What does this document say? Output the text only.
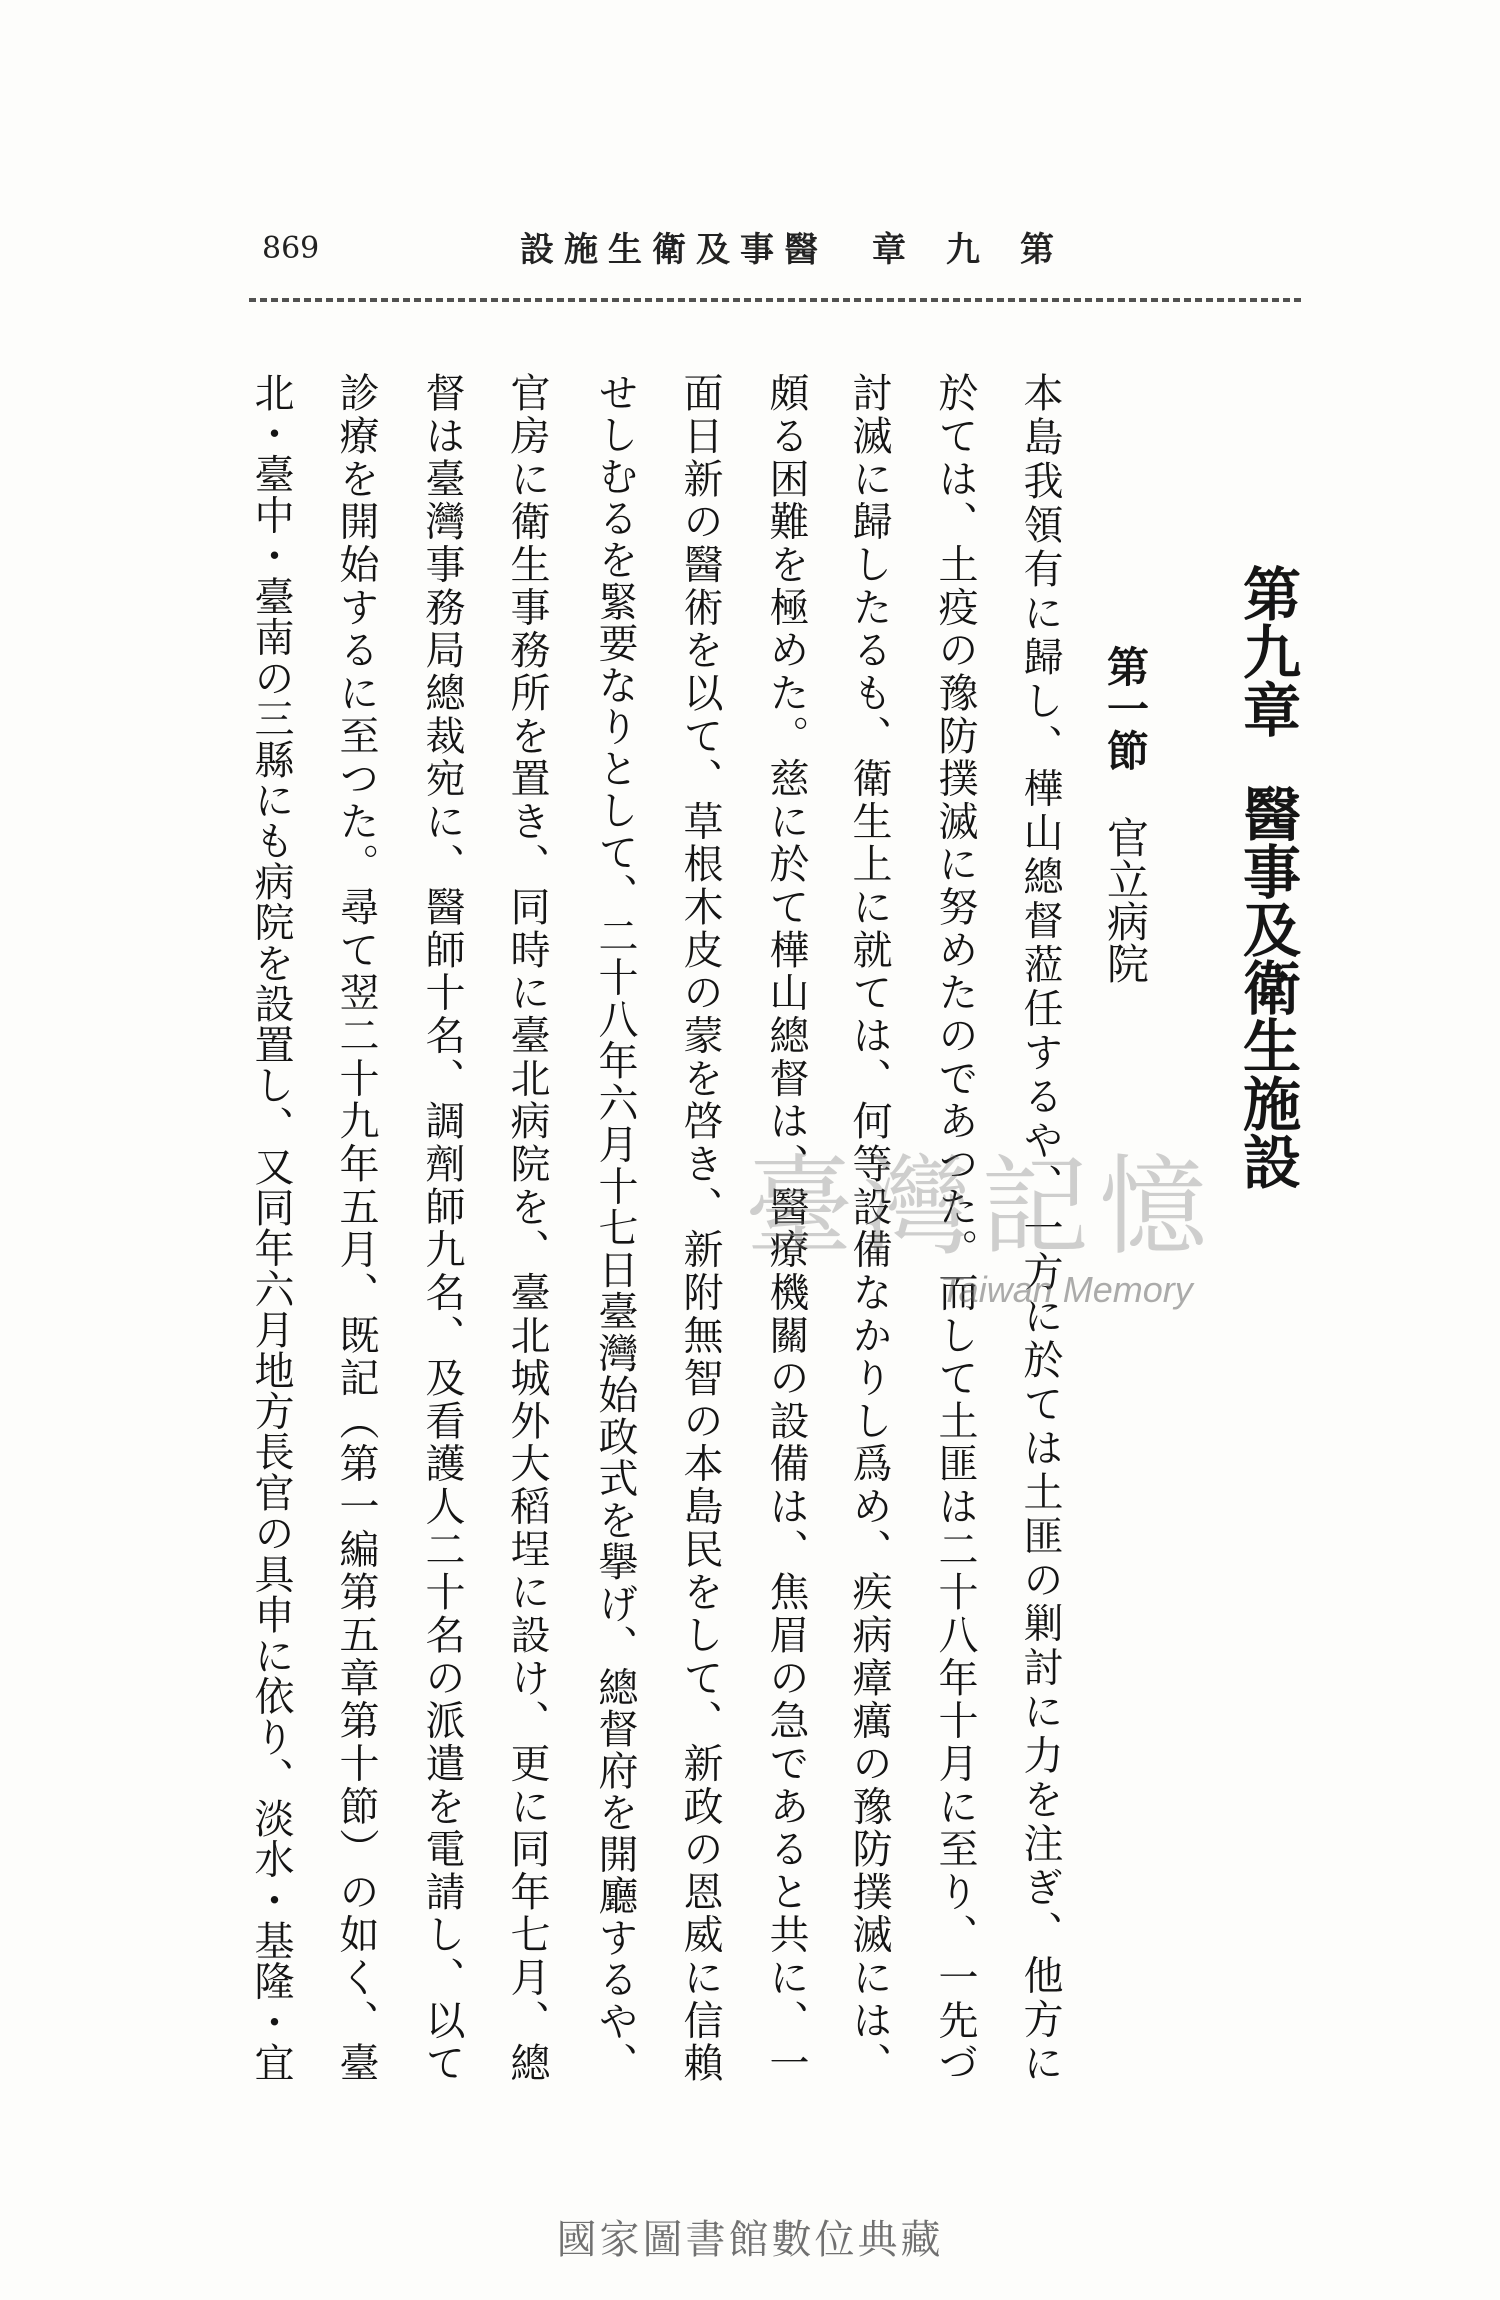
869	醫事及衛生施設 第九章
第九章
醫事及衛生施設
第一節
官立病院
本島我領有に歸し、樺山總督蒞任するや、一方に於ては土匪の剿討に力を注ぎ、他方に
於ては、土疫の豫防撲滅に努めたのであつた。而して土匪は二十八年十月に至り、一先づ
討滅に歸したるも、衛生上に就ては、何等設備なかりし爲め、疾病瘴癘の豫防撲滅には、
頗る困難を極めた。慈に於て樺山總督は、醫療機關の設備は、焦眉の急であると共に、一
面日新の醫術を以て、草根木皮の蒙を啓き、新附無智の本島民をして、新政の恩威に信賴
せしむるを緊要なりとして、二十八年六月十七日臺灣始政式を擧げ、總督府を開廳するや、
官房に衛生事務所を置き、同時に臺北病院を、臺北城外大稻埕に設け、更に同年七月、總
督は臺灣事務局總裁宛に、醫師十名、調劑師九名、及看護人二十名の派遣を電請し、以て
診療を開始するに至つた。尋て翌二十九年五月、既記（第一編第五章第十節）の如く、臺
北・臺中・臺南の三縣にも病院を設置し、又同年六月地方長官の具申に依り、淡水・基隆・宜	臺灣記憶
Taiwan Memory
國家圖書館數位典藏
